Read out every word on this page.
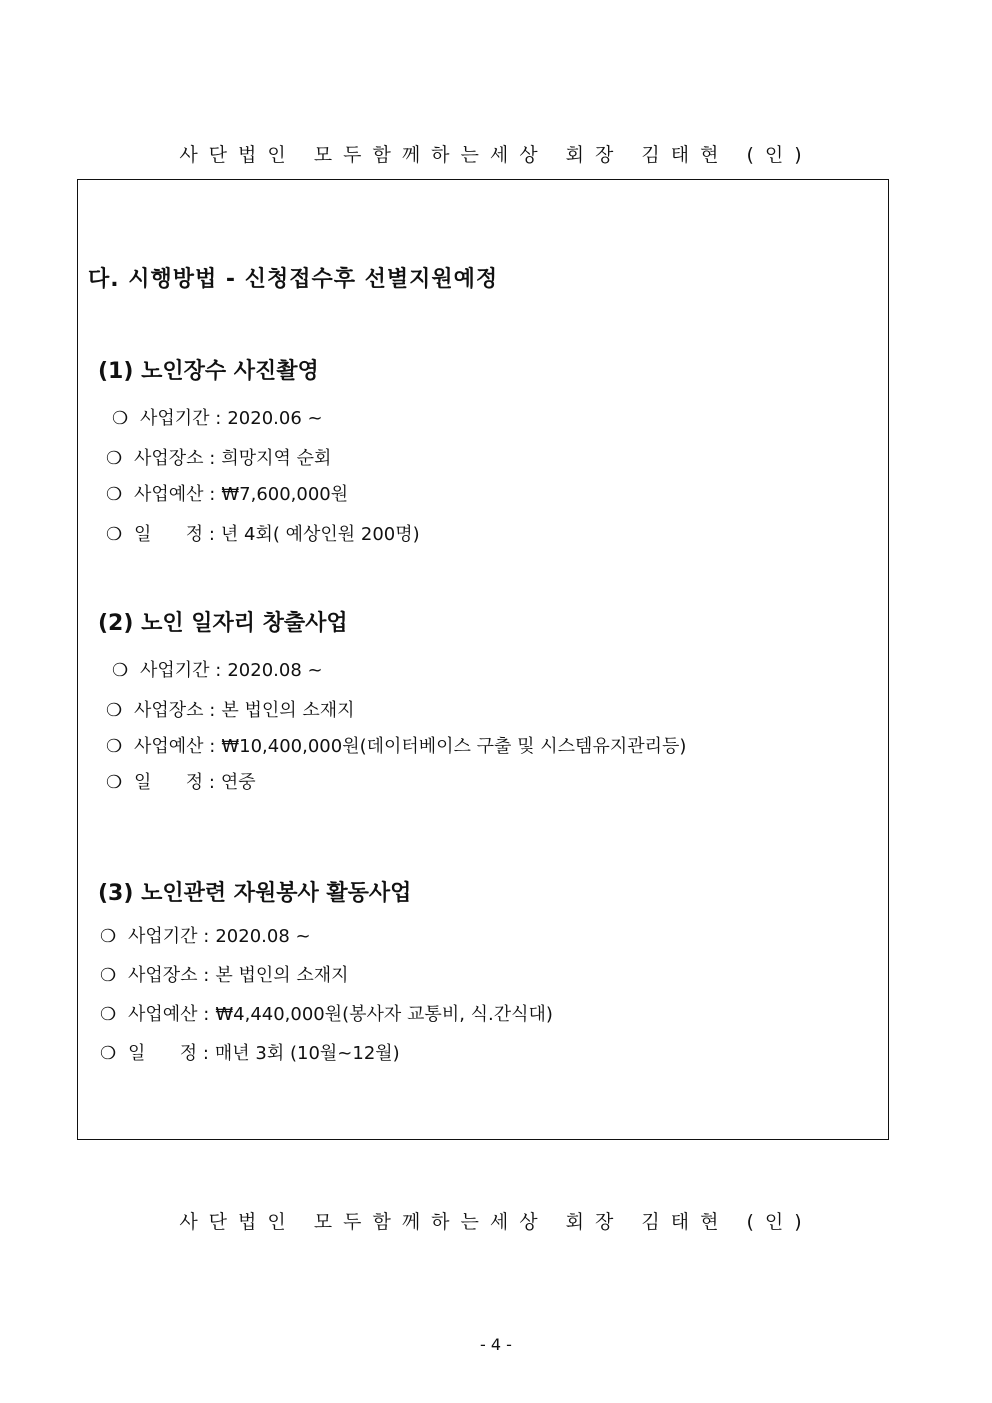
사단법인 모두함께하는세상 회장 김태현 (인)
다. 시행방법 - 신청접수후 선별지원예정
(1) 노인장수 사진촬영
❍ 사업기간 : 2020.06 ~
❍ 사업장소 :희망지역 순회
❍ 사업예산 : ₩7,600,000원
❍ 일      정 :년 4회( 예상인원 200명)
(2) 노인 일자리 창출사업
❍ 사업기간 : 2020.08 ~
❍ 사업장소 :본 법인의 소재지
❍ 사업예산 : ₩10,400,000원(데이터베이스 구출 및 시스템유지관리등)
❍ 일      정 : 연중
(3) 노인관련 자원봉사 활동사업
❍ 사업기간 : 2020.08 ~
❍ 사업장소 : 본 법인의 소재지
❍ 사업예산 : ₩4,440,000원(봉사자 교통비, 식.간식대)
❍ 일      정 : 매년 3회 (10월~12월)
사단법인 모두함께하는세상 회장 김태현 (인)
- 4 -
